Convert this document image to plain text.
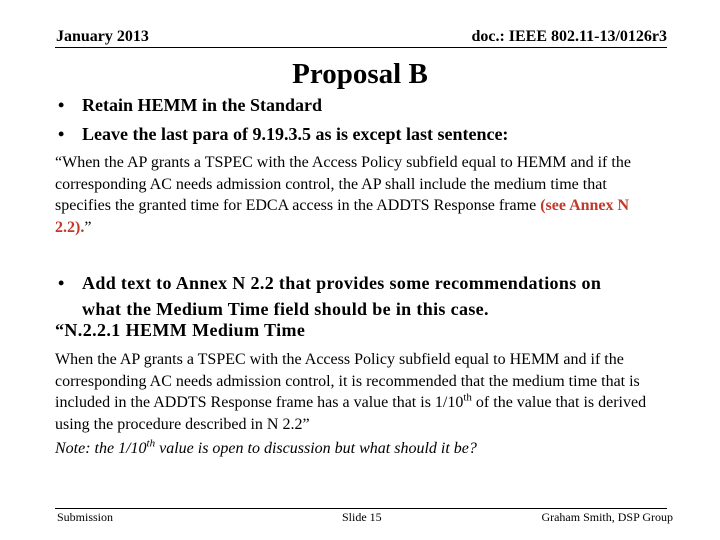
January 2013	doc.: IEEE 802.11-13/0126r3
Proposal B
• Retain HEMM in the Standard
• Leave the last para of 9.19.3.5 as is except last sentence:
“When the AP grants a TSPEC with the Access Policy subfield equal to HEMM and if the corresponding AC needs admission control, the AP shall include the medium time that specifies the granted time for EDCA access in the ADDTS Response frame (see Annex N 2.2).”
• Add text to Annex N 2.2 that provides some recommendations on
what the Medium Time field should be in this case.
“N.2.2.1 HEMM Medium Time
When the AP grants a TSPEC with the Access Policy subfield equal to HEMM and if the corresponding AC needs admission control, it is recommended that the medium time that is included in the ADDTS Response frame has a value that is 1/10th of the value that is derived using the procedure described in N 2.2”
Note: the 1/10th value is open to discussion but what should it be?
Submission	Slide 15	Graham Smith, DSP Group
